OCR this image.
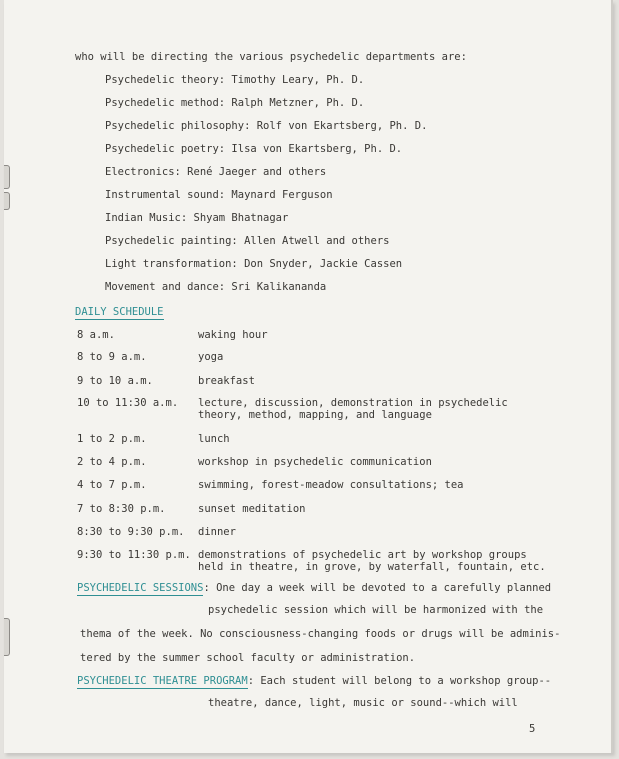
who will be directing the various psychedelic departments are:
Psychedelic theory: Timothy Leary, Ph. D.
Psychedelic method: Ralph Metzner, Ph. D.
Psychedelic philosophy: Rolf von Ekartsberg, Ph. D.
Psychedelic poetry: Ilsa von Ekartsberg, Ph. D.
Electronics: René Jaeger and others
Instrumental sound: Maynard Ferguson
Indian Music: Shyam Bhatnagar
Psychedelic painting: Allen Atwell and others
Light transformation: Don Snyder, Jackie Cassen
Movement and dance: Sri Kalikananda
DAILY SCHEDULE
8 a.m.	waking hour
8 to 9 a.m.	yoga
9 to 10 a.m.	breakfast
10 to 11:30 a.m. lecture, discussion, demonstration in psychedelic
theory, method, mapping, and language
1 to 2 p.m.	lunch
2 to 4 p.m.	workshop in psychedelic communication
4 to 7 p.m.	swimming, forest-meadow consultations; tea
7 to 8:30 p.m.	sunset meditation
8:30 to 9:30 p.m. dinner
9:30 to 11:30 p.m. demonstrations of psychedelic art by workshop groups
held in theatre, in grove, by waterfall, fountain, etc.
PSYCHEDELIC SESSIONS: One day a week will be devoted to a carefully planned
psychedelic session which will be harmonized with the
thema of the week. No consciousness-changing foods or drugs will be adminis-
tered by the summer school faculty or administration.
PSYCHEDELIC THEATRE PROGRAM: Each student will belong to a workshop group--
theatre, dance, light, music or sound--which will
5
